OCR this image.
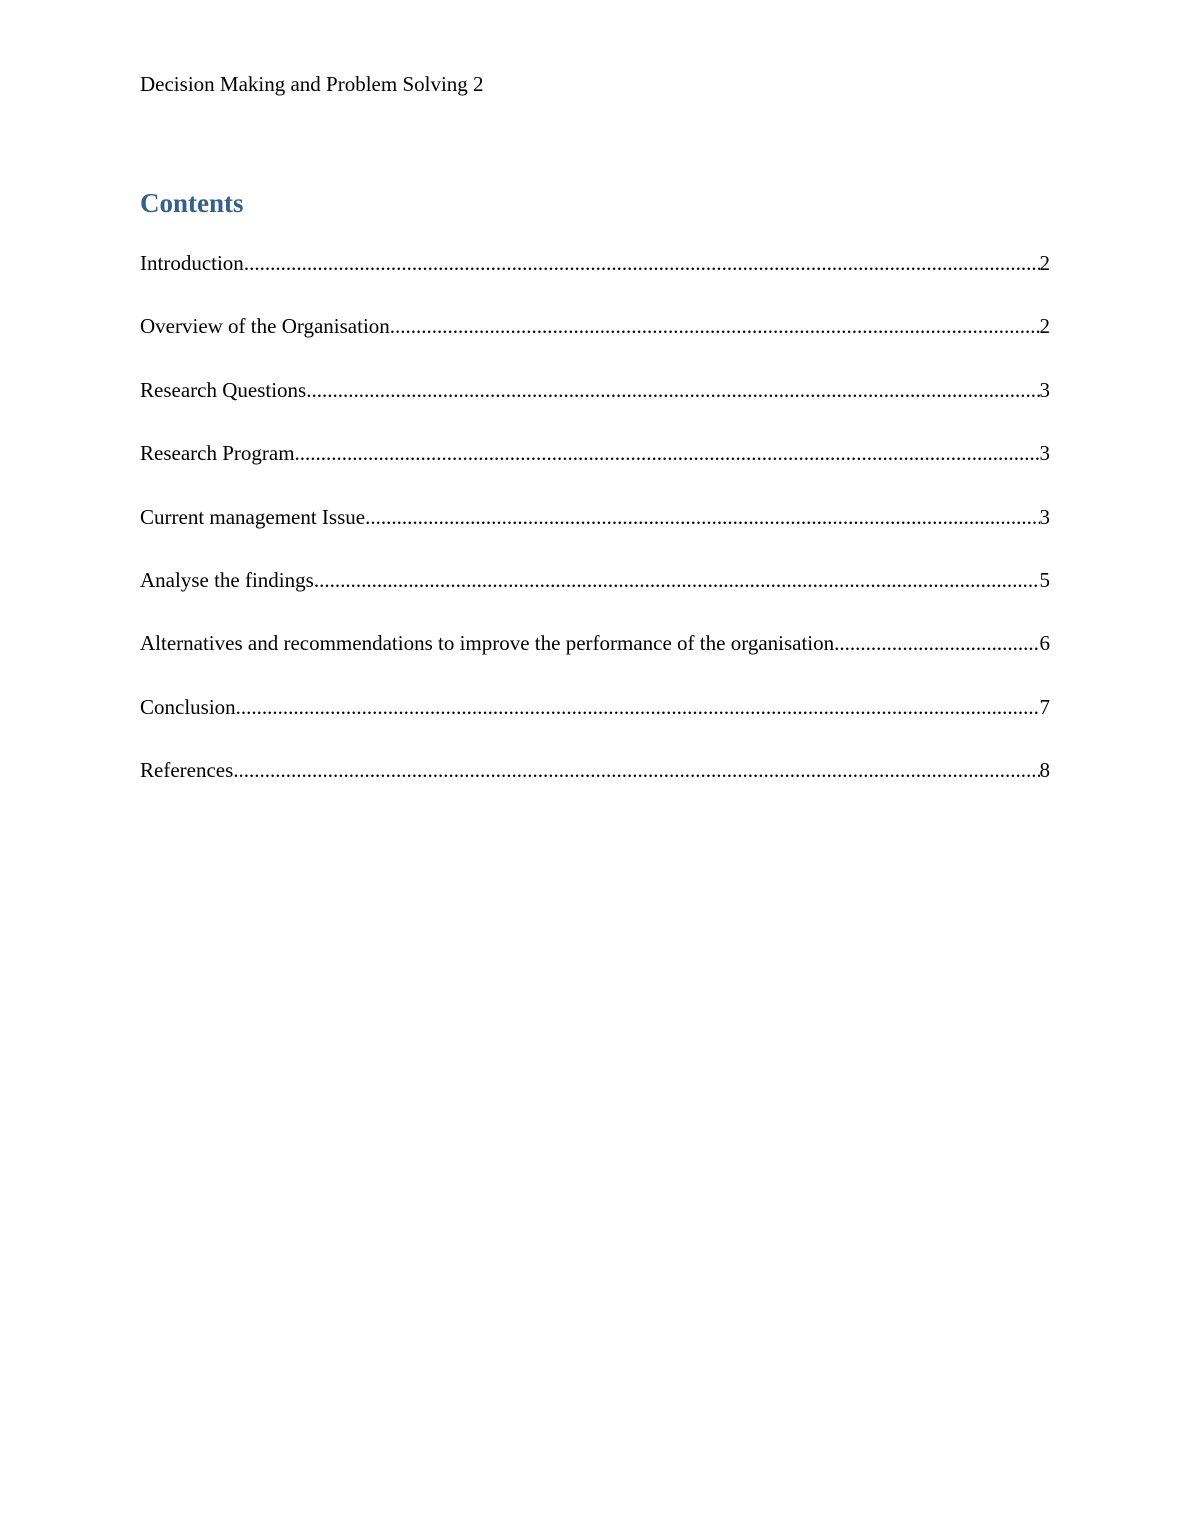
Decision Making and Problem Solving 2
Contents
Introduction .....	2
Overview of the Organisation .....	2
Research Questions .....	3
Research Program .....	3
Current management Issue .....	3
Analyse the findings .....	5
Alternatives and recommendations to improve the performance of the organisation .....	6
Conclusion .....	7
References .....	8
